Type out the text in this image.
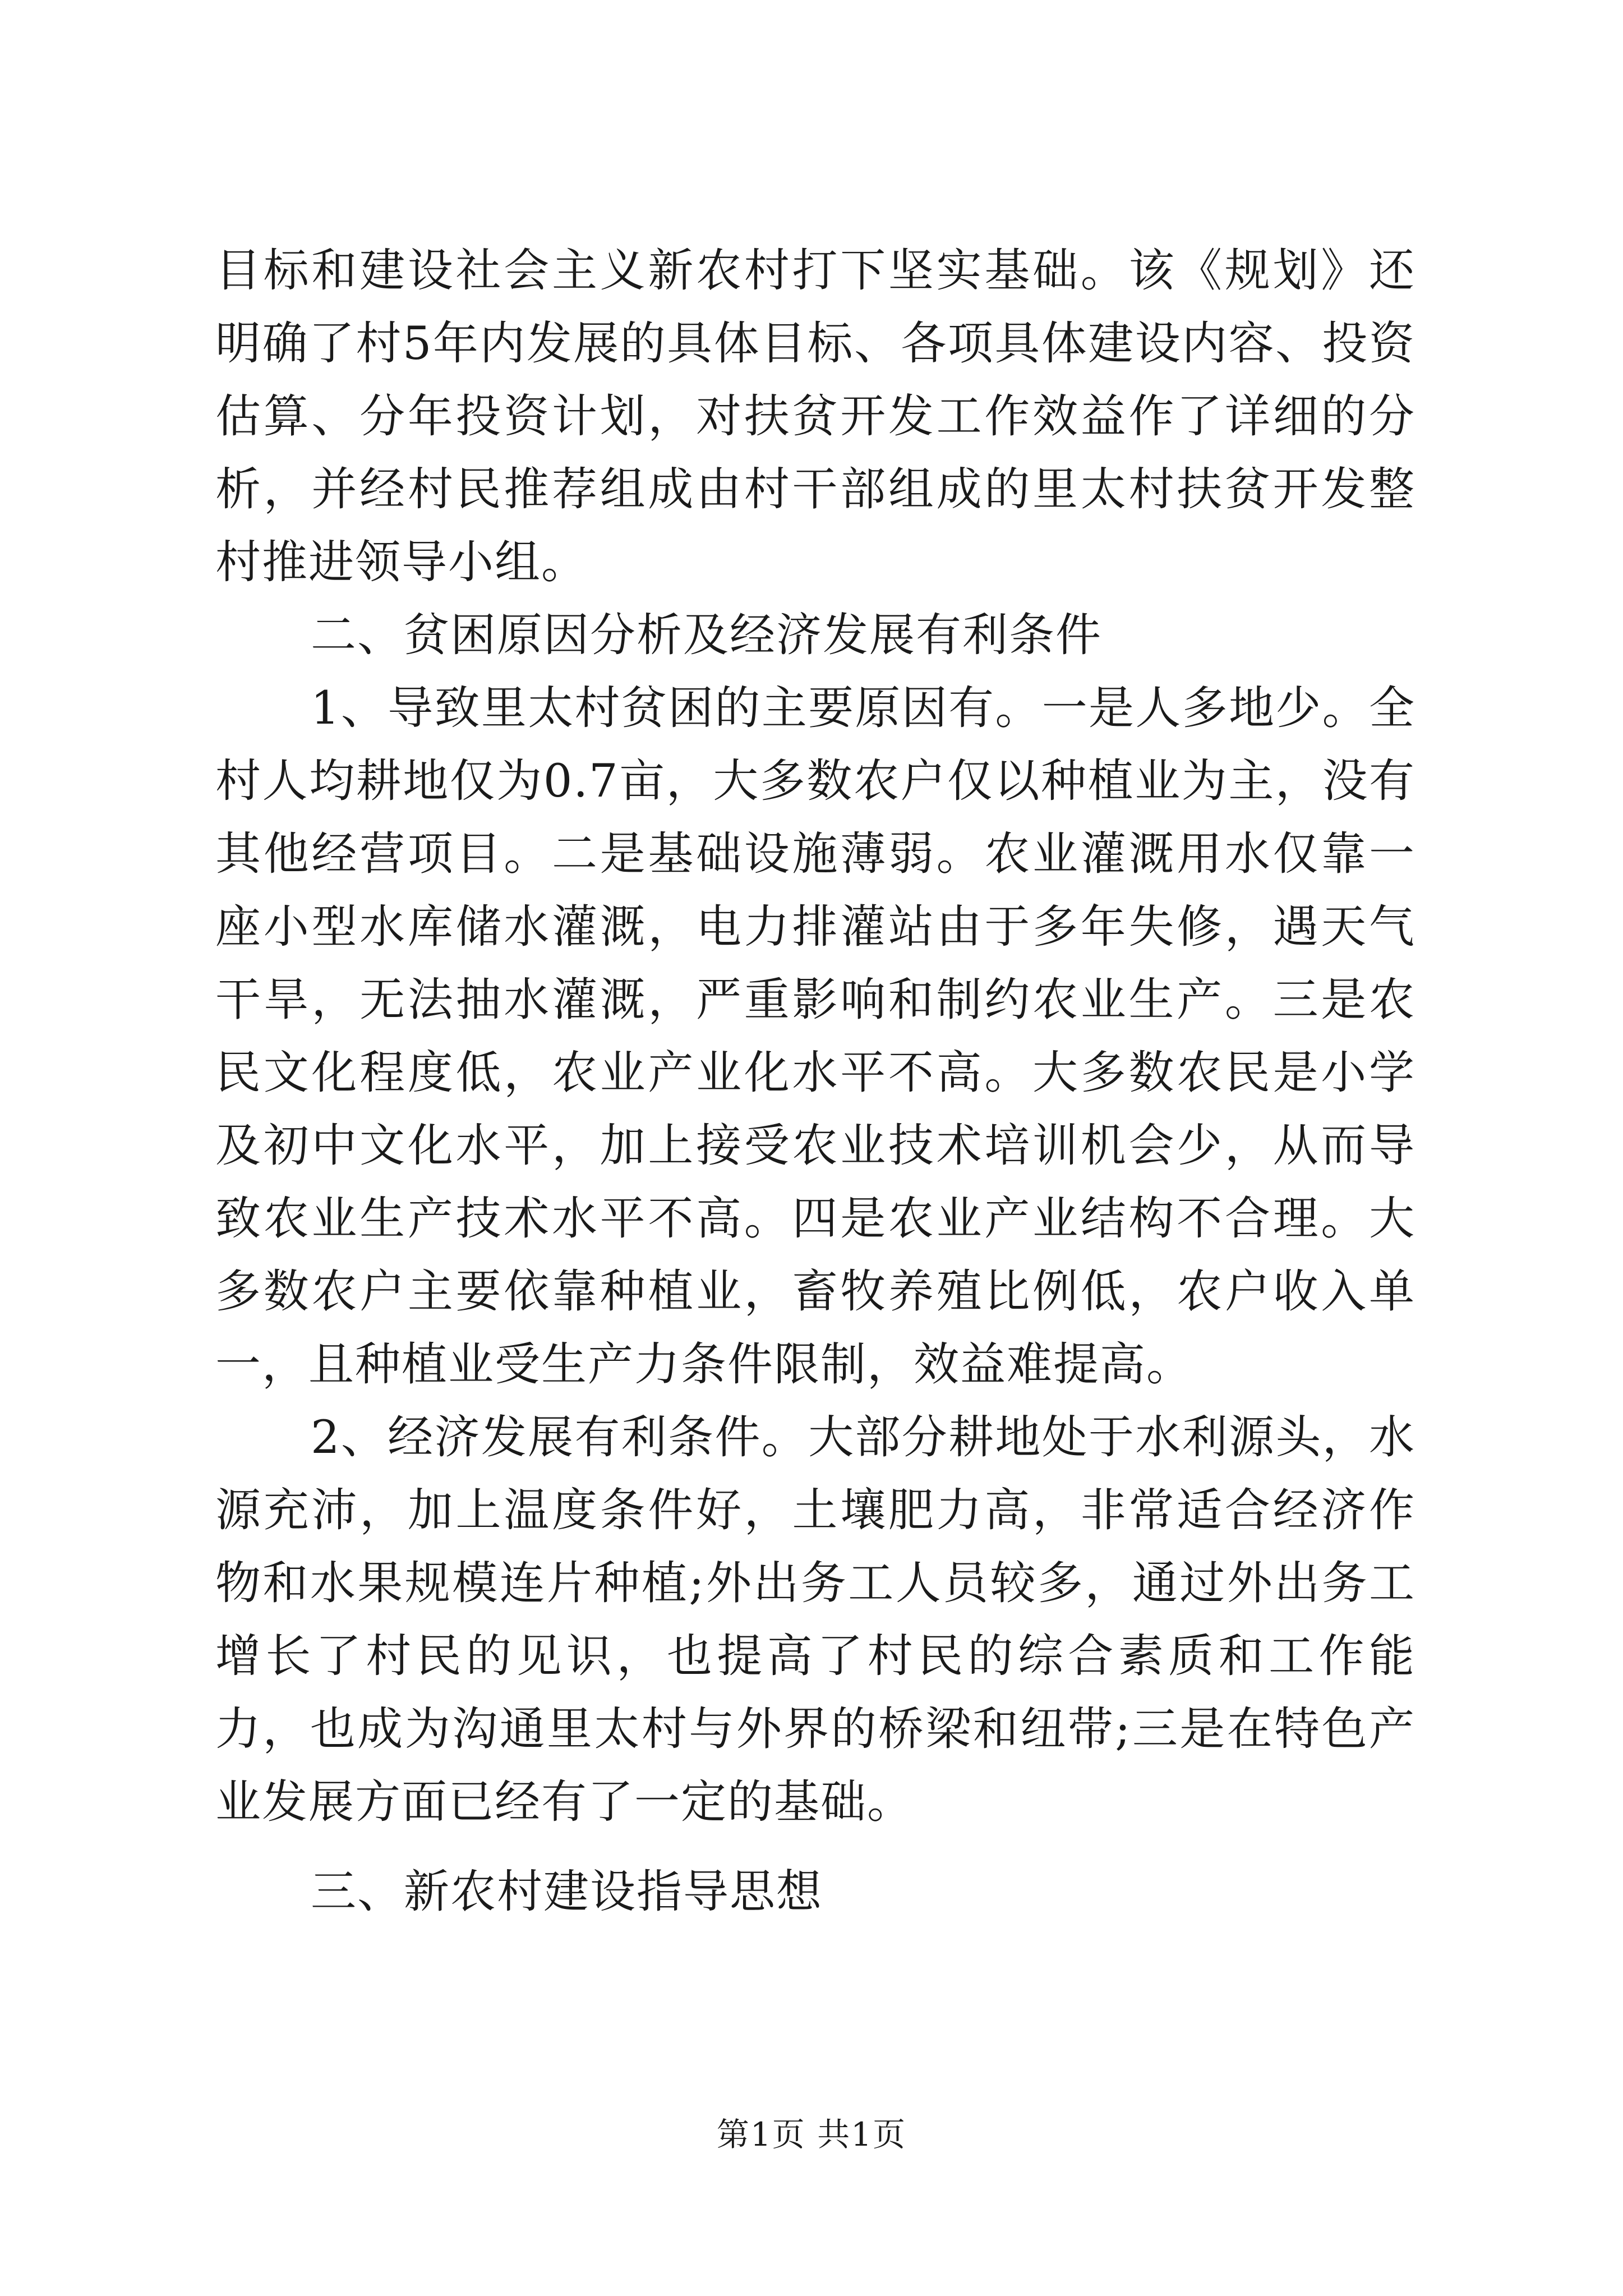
目标和建设社会主义新农村打下坚实基础。该《规划》还明确了村5年内发展的具体目标、各项具体建设内容、投资估算、分年投资计划，对扶贫开发工作效益作了详细的分析，并经村民推荐组成由村干部组成的里太村扶贫开发整村推进领导小组。

二、贫困原因分析及经济发展有利条件

1、导致里太村贫困的主要原因有。一是人多地少。全村人均耕地仅为0.7亩，大多数农户仅以种植业为主，没有其他经营项目。二是基础设施薄弱。农业灌溉用水仅靠一座小型水库储水灌溉，电力排灌站由于多年失修，遇天气干旱，无法抽水灌溉，严重影响和制约农业生产。三是农民文化程度低，农业产业化水平不高。大多数农民是小学及初中文化水平，加上接受农业技术培训机会少，从而导致农业生产技术水平不高。四是农业产业结构不合理。大多数农户主要依靠种植业，畜牧养殖比例低，农户收入单一，且种植业受生产力条件限制，效益难提高。

2、经济发展有利条件。大部分耕地处于水利源头，水源充沛，加上温度条件好，土壤肥力高，非常适合经济作物和水果规模连片种植;外出务工人员较多，通过外出务工增长了村民的见识，也提高了村民的综合素质和工作能力，也成为沟通里太村与外界的桥梁和纽带;三是在特色产业发展方面已经有了一定的基础。

三、新农村建设指导思想

第1页 共1页
